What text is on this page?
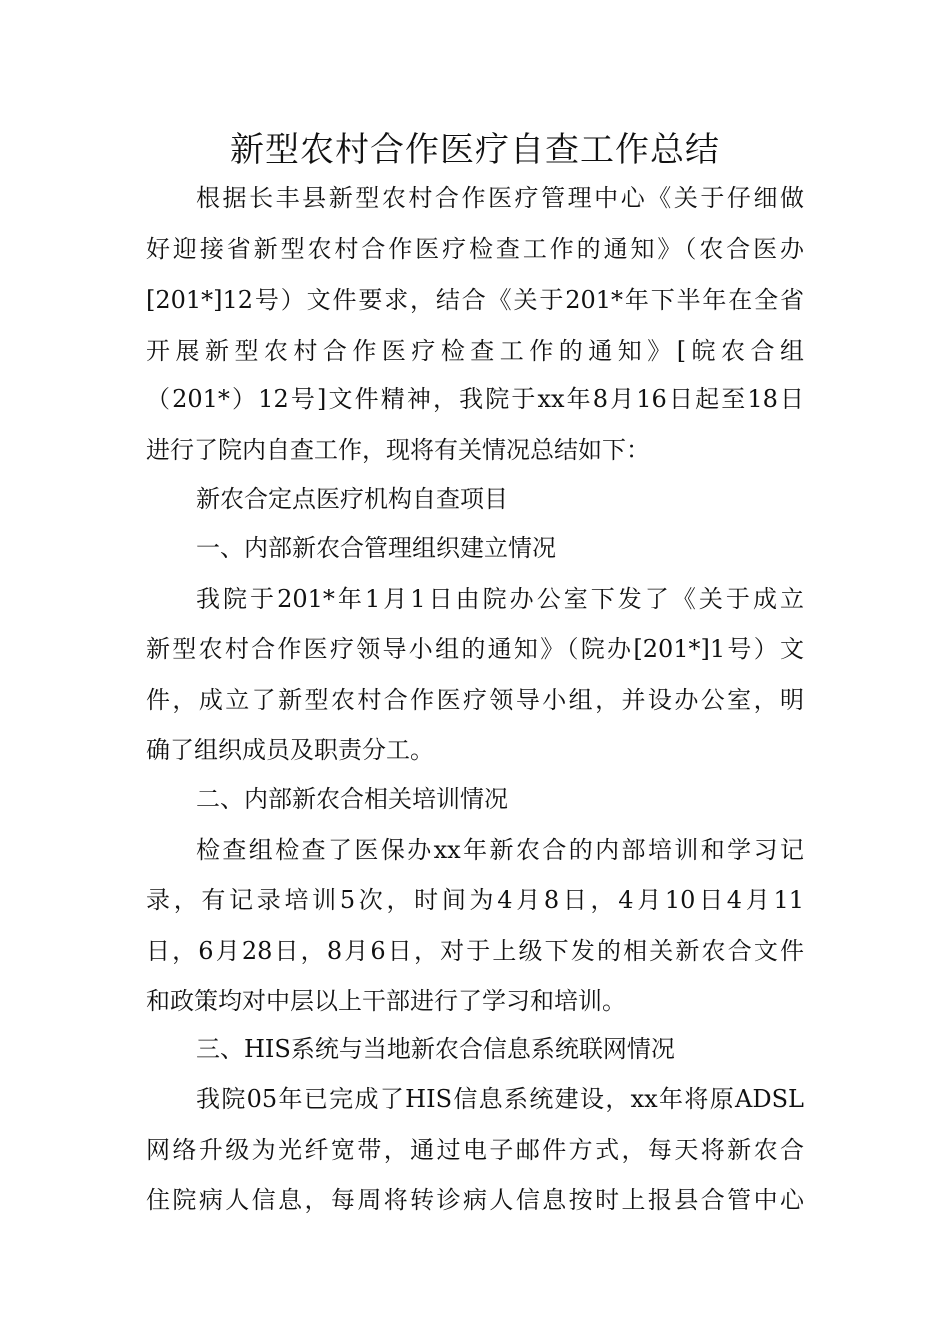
新型农村合作医疗自查工作总结
根据长丰县新型农村合作医疗管理中心《关于仔细做
好迎接省新型农村合作医疗检查工作的通知》（农合医办
[201*]12号）文件要求，结合《关于201*年下半年在全省
开展新型农村合作医疗检查工作的通知》[皖农合组
（201*）12号]文件精神，我院于xx年8月16日起至18日
进行了院内自查工作，现将有关情况总结如下：
新农合定点医疗机构自查项目
一、内部新农合管理组织建立情况
我院于201*年1月1日由院办公室下发了《关于成立
新型农村合作医疗领导小组的通知》（院办[201*]1号）文
件，成立了新型农村合作医疗领导小组，并设办公室，明
确了组织成员及职责分工。
二、内部新农合相关培训情况
检查组检查了医保办xx年新农合的内部培训和学习记
录，有记录培训5次，时间为4月8日，4月10日4月11
日，6月28日，8月6日，对于上级下发的相关新农合文件
和政策均对中层以上干部进行了学习和培训。
三、HIS系统与当地新农合信息系统联网情况
我院05年已完成了HIS信息系统建设，xx年将原ADSL
网络升级为光纤宽带，通过电子邮件方式，每天将新农合
住院病人信息，每周将转诊病人信息按时上报县合管中心
